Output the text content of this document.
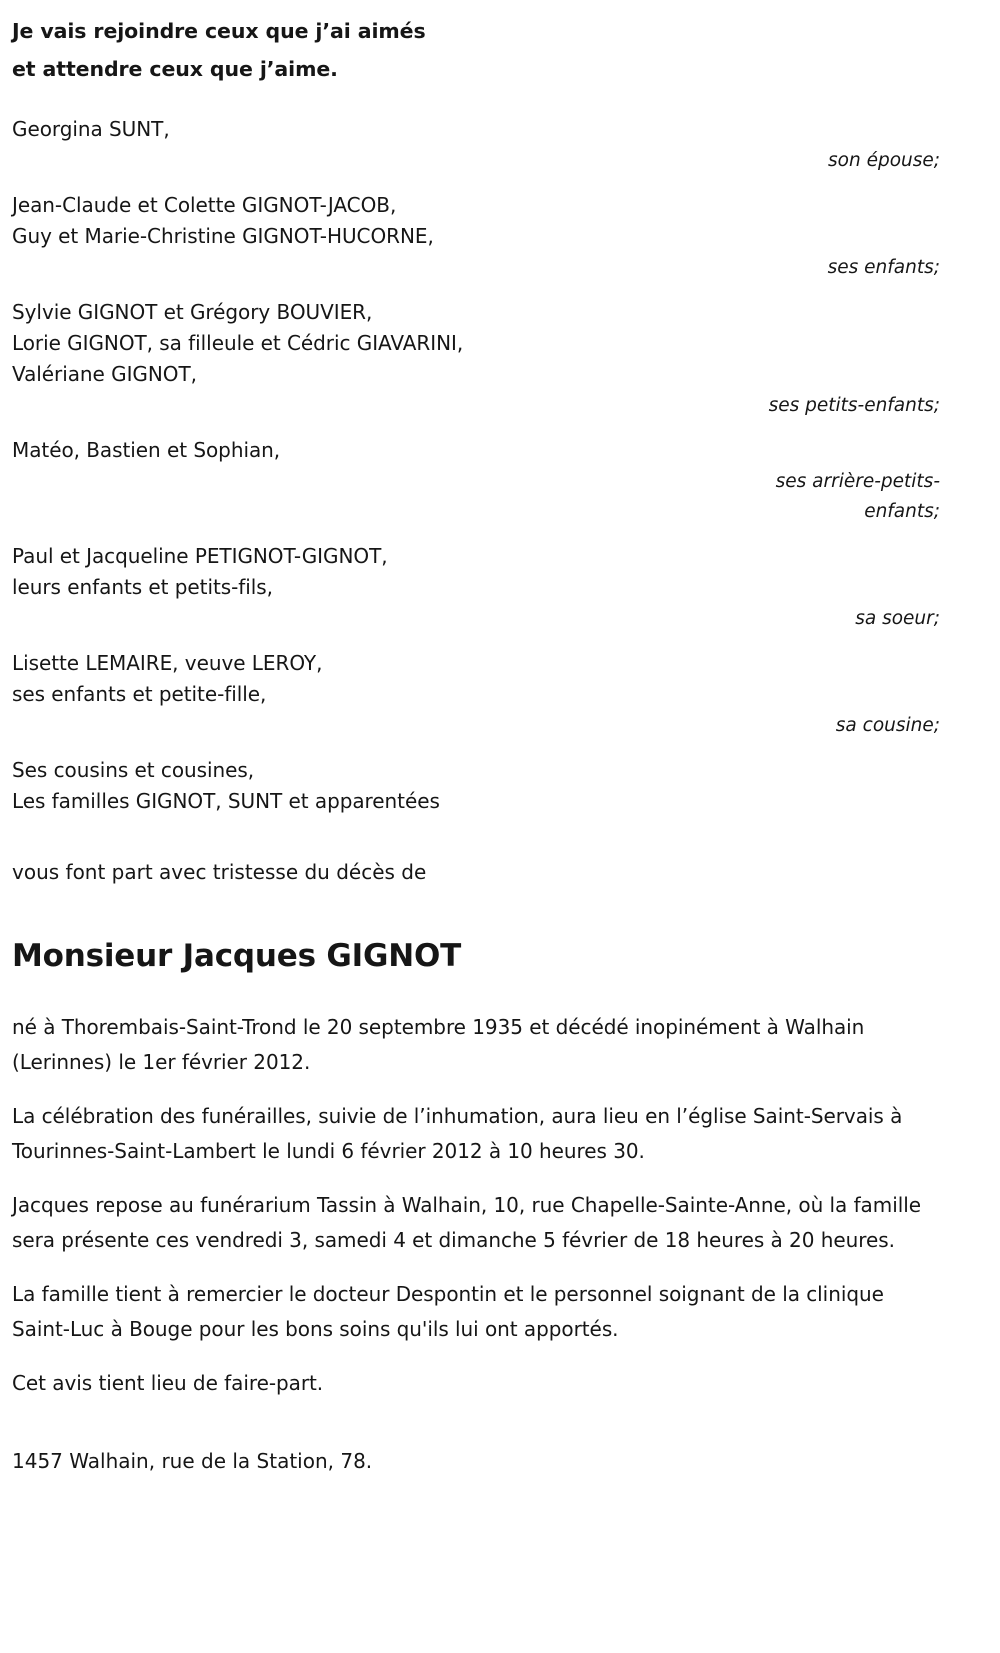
Je vais rejoindre ceux que j’ai aimés
et attendre ceux que j’aime.
Georgina SUNT,
son épouse;
Jean-Claude et Colette GIGNOT-JACOB,
Guy et Marie-Christine GIGNOT-HUCORNE,
ses enfants;
Sylvie GIGNOT et Grégory BOUVIER,
Lorie GIGNOT, sa filleule et Cédric GIAVARINI,
Valériane GIGNOT,
ses petits-enfants;
Matéo, Bastien et Sophian,
ses arrière-petits-
enfants;
Paul et Jacqueline PETIGNOT-GIGNOT,
leurs enfants et petits-fils,
sa soeur;
Lisette LEMAIRE, veuve LEROY,
ses enfants et petite-fille,
sa cousine;
Ses cousins et cousines,
Les familles GIGNOT, SUNT et apparentées
vous font part avec tristesse du décès de
Monsieur Jacques GIGNOT

né à Thorembais-Saint-Trond le 20 septembre 1935 et décédé inopinément à Walhain (Lerinnes) le 1er février 2012.

La célébration des funérailles, suivie de l’inhumation, aura lieu en l’église Saint-Servais à Tourinnes-Saint-Lambert le lundi 6 février 2012 à 10 heures 30.

Jacques repose au funérarium Tassin à Walhain, 10, rue Chapelle-Sainte-Anne, où la famille sera présente ces vendredi 3, samedi 4 et dimanche 5 février de 18 heures à 20 heures.

La famille tient à remercier le docteur Despontin et le personnel soignant de la clinique Saint-Luc à Bouge pour les bons soins qu'ils lui ont apportés.

Cet avis tient lieu de faire-part.

1457 Walhain, rue de la Station, 78.
